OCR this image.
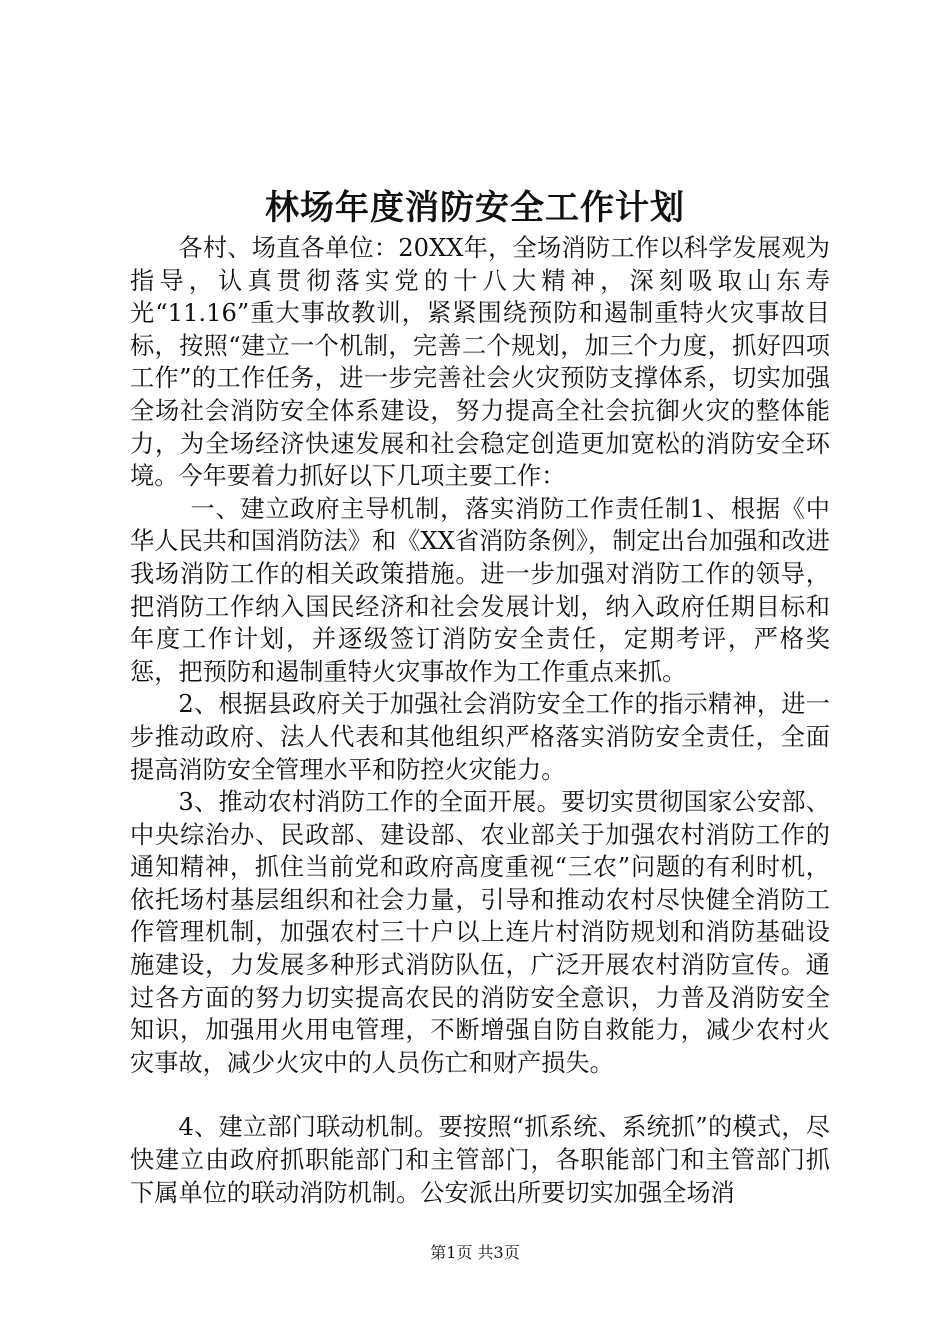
林场年度消防安全工作计划

各村、场直各单位：20XX年，全场消防工作以科学发展观为指导，认真贯彻落实党的十八大精神，深刻吸取山东寿光“11.16”重大事故教训，紧紧围绕预防和遏制重特火灾事故目标，按照“建立一个机制，完善二个规划，加三个力度，抓好四项工作”的工作任务，进一步完善社会火灾预防支撑体系，切实加强全场社会消防安全体系建设，努力提高全社会抗御火灾的整体能力，为全场经济快速发展和社会稳定创造更加宽松的消防安全环境。今年要着力抓好以下几项主要工作：

一、建立政府主导机制，落实消防工作责任制1、根据《中华人民共和国消防法》和《XX省消防条例》，制定出台加强和改进我场消防工作的相关政策措施。进一步加强对消防工作的领导，把消防工作纳入国民经济和社会发展计划，纳入政府任期目标和年度工作计划，并逐级签订消防安全责任，定期考评，严格奖惩，把预防和遏制重特火灾事故作为工作重点来抓。

2、根据县政府关于加强社会消防安全工作的指示精神，进一步推动政府、法人代表和其他组织严格落实消防安全责任，全面提高消防安全管理水平和防控火灾能力。

3、推动农村消防工作的全面开展。要切实贯彻国家公安部、中央综治办、民政部、建设部、农业部关于加强农村消防工作的通知精神，抓住当前党和政府高度重视“三农”问题的有利时机，依托场村基层组织和社会力量，引导和推动农村尽快健全消防工作管理机制，加强农村三十户以上连片村消防规划和消防基础设施建设，力发展多种形式消防队伍，广泛开展农村消防宣传。通过各方面的努力切实提高农民的消防安全意识，力普及消防安全知识，加强用火用电管理，不断增强自防自救能力，减少农村火灾事故，减少火灾中的人员伤亡和财产损失。

4、建立部门联动机制。要按照“抓系统、系统抓”的模式，尽快建立由政府抓职能部门和主管部门，各职能部门和主管部门抓下属单位的联动消防机制。公安派出所要切实加强全场消

第1页 共3页
